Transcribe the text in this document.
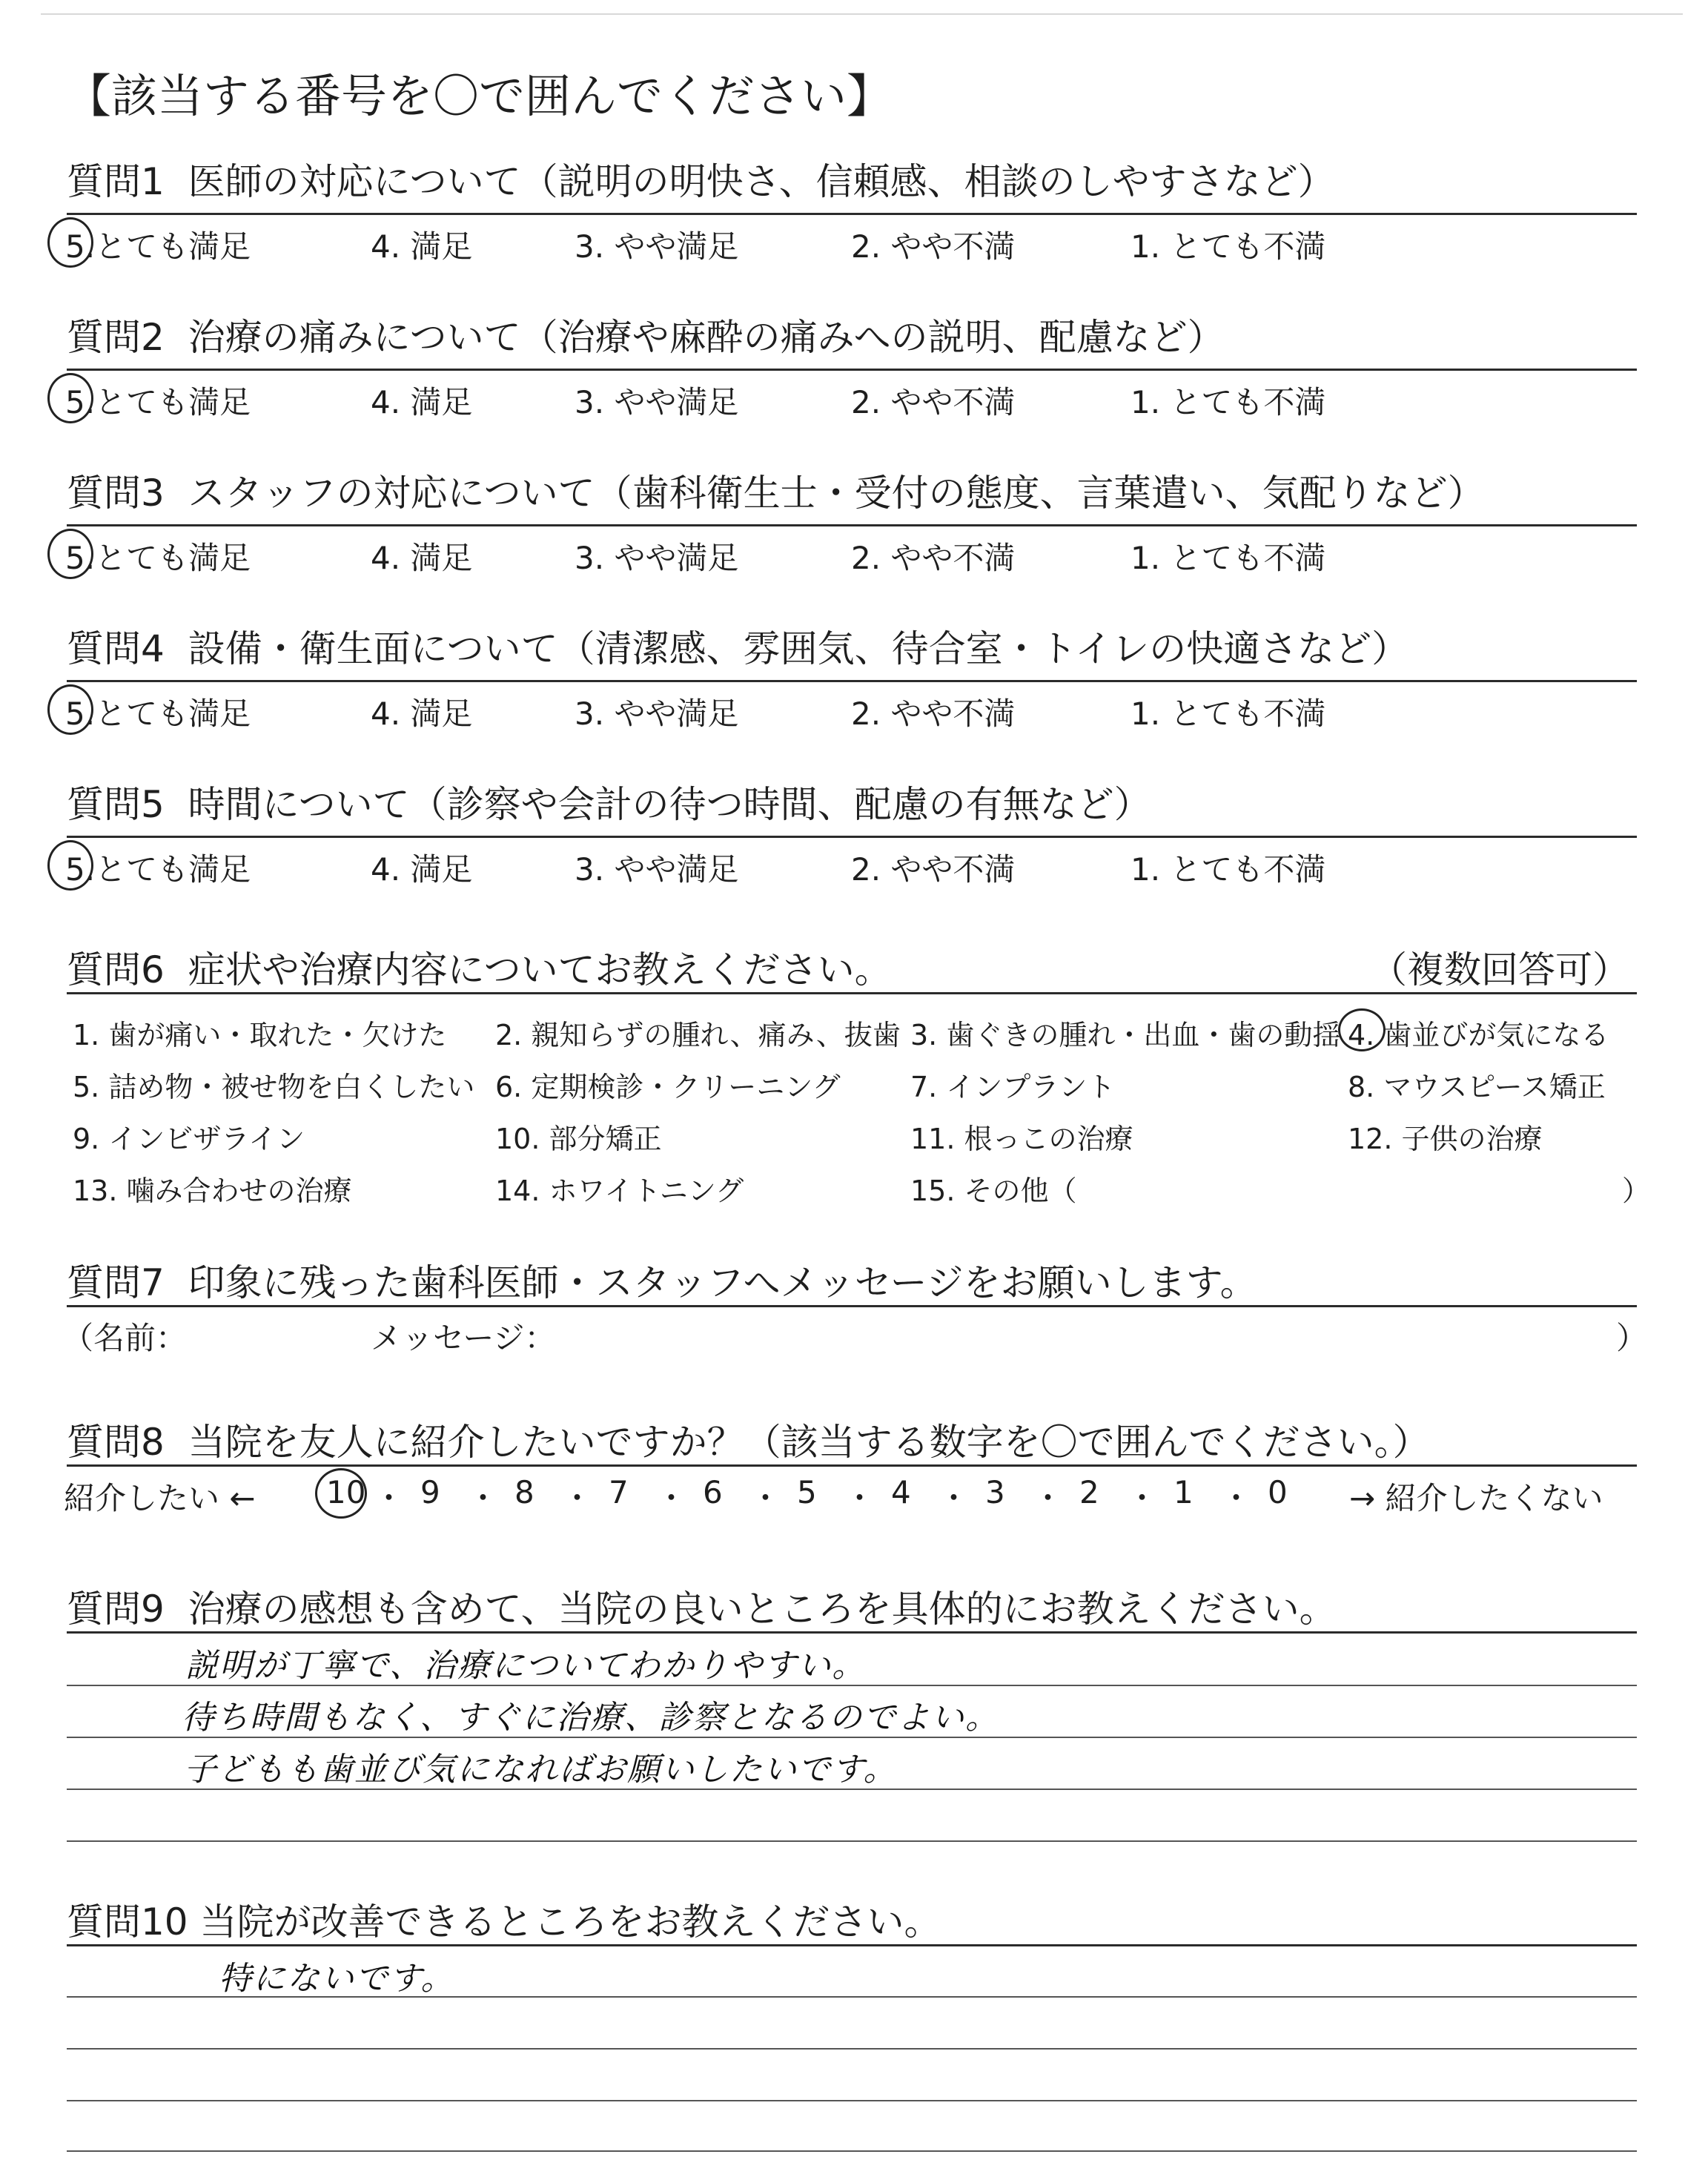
【該当する番号を〇で囲んでください】
質問1 医師の対応について（説明の明快さ、信頼感、相談のしやすさなど）
5.とても満足	4. 満足	3. やや満足	2. やや不満	1. とても不満
質問2 治療の痛みについて（治療や麻酔の痛みへの説明、配慮など）
5.とても満足	4. 満足	3. やや満足	2. やや不満	1. とても不満
質問3 スタッフの対応について（歯科衛生士・受付の態度、言葉遣い、気配りなど）
5.とても満足	4. 満足	3. やや満足	2. やや不満	1. とても不満
質問4 設備・衛生面について（清潔感、雰囲気、待合室・トイレの快適さなど）
5.とても満足	4. 満足	3. やや満足	2. やや不満	1. とても不満
質問5 時間について（診察や会計の待つ時間、配慮の有無など）
5.とても満足	4. 満足	3. やや満足	2. やや不満	1. とても不満
質問6 症状や治療内容についてお教えください。	（複数回答可）
1. 歯が痛い・取れた・欠けた 2. 親知らずの腫れ、痛み、抜歯 3. 歯ぐきの腫れ・出血・歯の動揺 4. 歯並びが気になる
5. 詰め物・被せ物を白くしたい 6. 定期検診・クリーニング 7. インプラント	8. マウスピース矯正
9. インビザライン	10. 部分矯正	11. 根っこの治療	12. 子供の治療
13. 噛み合わせの治療	14. ホワイトニング	15. その他（	）
質問7 印象に残った歯科医師・スタッフへメッセージをお願いします。
（名前：	メッセージ：	）
質問8 当院を友人に紹介したいですか？（該当する数字を〇で囲んでください。）
紹介したい ← 10 ・ 9 ・ 8 ・ 7 ・ 6 ・ 5 ・ 4 ・ 3 ・ 2 ・ 1 ・ 0 → 紹介したくない
質問9 治療の感想も含めて、当院の良いところを具体的にお教えください。
説明が丁寧で、治療についてわかりやすい。
待ち時間もなく、すぐに治療、診察となるのでよい。
子どもも歯並び気になればお願いしたいです。
質問10 当院が改善できるところをお教えください。
特にないです。
